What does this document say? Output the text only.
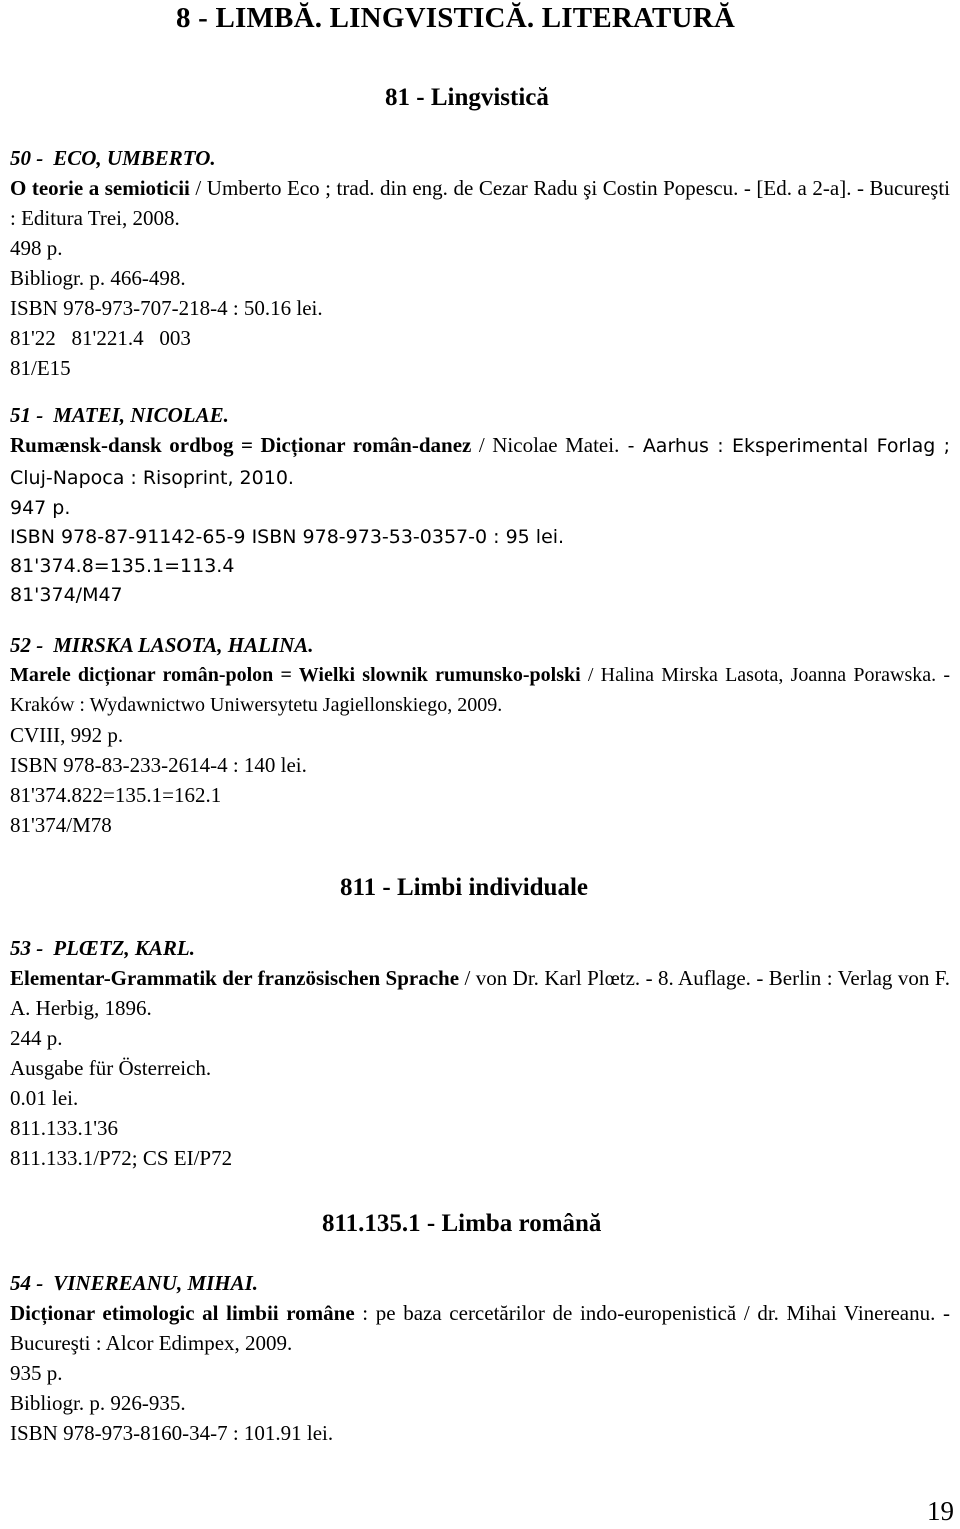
8 - LIMBĂ. LINGVISTICĂ. LITERATURĂ
81 - Lingvistică
50 - ECO, UMBERTO.
O teorie a semioticii / Umberto Eco ; trad. din eng. de Cezar Radu şi Costin Popescu. - [Ed. a 2-a]. - Bucureşti : Editura Trei, 2008.
498 p.
Bibliogr. p. 466-498.
ISBN 978-973-707-218-4 : 50.16 lei.
81'22   81'221.4   003
81/E15
51 - MATEI, NICOLAE.
Rumænsk-dansk ordbog = Dicționar român-danez / Nicolae Matei. - Aarhus : Eksperimental Forlag ; Cluj-Napoca : Risoprint, 2010.
947 p.
ISBN 978-87-91142-65-9 ISBN 978-973-53-0357-0 : 95 lei.
81'374.8=135.1=113.4
81'374/M47
52 - MIRSKA LASOTA, HALINA.
Marele dicționar român-polon = Wielki slownik rumunsko-polski / Halina Mirska Lasota, Joanna Porawska. - Kraków : Wydawnictwo Uniwersytetu Jagiellonskiego, 2009.
CVIII, 992 p.
ISBN 978-83-233-2614-4 : 140 lei.
81'374.822=135.1=162.1
81'374/M78
811 - Limbi individuale
53 - PLŒTZ, KARL.
Elementar-Grammatik der französischen Sprache / von Dr. Karl Plœtz. - 8. Auflage. - Berlin : Verlag von F. A. Herbig, 1896.
244 p.
Ausgabe für Österreich.
0.01 lei.
811.133.1'36
811.133.1/P72; CS EI/P72
811.135.1 - Limba română
54 - VINEREANU, MIHAI.
Dicționar etimologic al limbii române : pe baza cercetărilor de indo-europenistică / dr. Mihai Vinereanu. - Bucureşti : Alcor Edimpex, 2009.
935 p.
Bibliogr. p. 926-935.
ISBN 978-973-8160-34-7 : 101.91 lei.
19
